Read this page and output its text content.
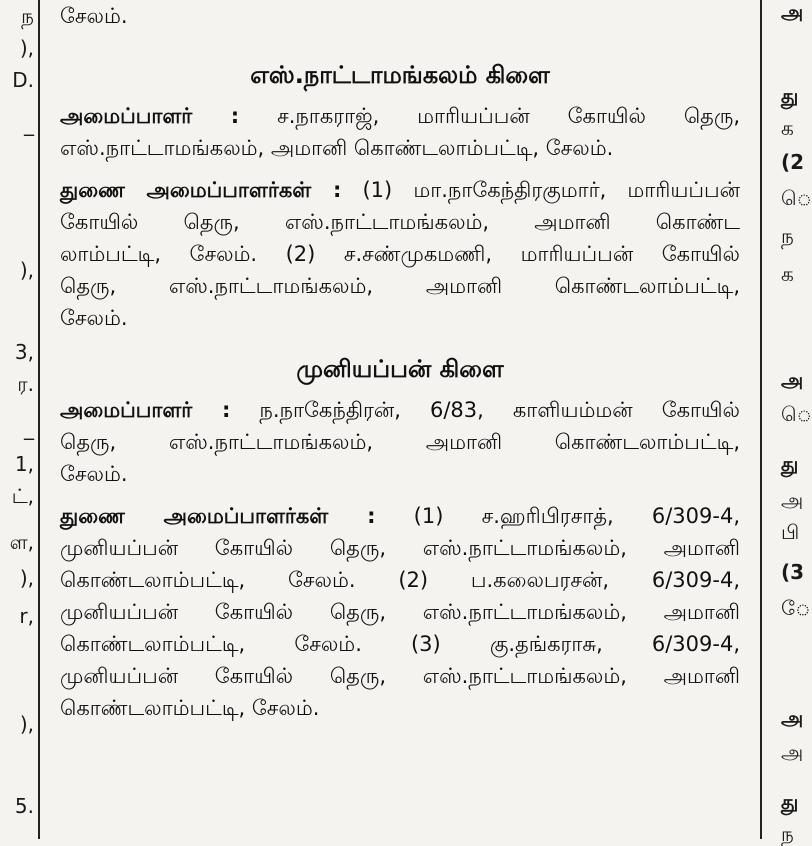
ந
),
D.
_
),
3,
ர.
_
1,
ட்,
ள,
),
r,
),
5.
அ
து
க
(2
ெ
ந
க
அ
ெ
து
அ
பி
(3
ே
அ
அ
து
ந
சேலம்.
எஸ்.நாட்டாமங்கலம் கிளை
அமைப்பாளர் : ச.நாகராஜ், மாரியப்பன் கோயில் தெரு,
எஸ்.நாட்டாமங்கலம், அமானி கொண்டலாம்பட்டி, சேலம்.
துணை அமைப்பாளர்கள் : (1) மா.நாகேந்திரகுமார், மாரியப்பன்
கோயில் தெரு, எஸ்.நாட்டாமங்கலம், அமானி கொண்ட
லாம்பட்டி, சேலம். (2) ச.சண்முகமணி, மாரியப்பன் கோயில்
தெரு, எஸ்.நாட்டாமங்கலம், அமானி கொண்டலாம்பட்டி,
சேலம்.
முனியப்பன் கிளை
அமைப்பாளர் : ந.நாகேந்திரன், 6/83, காளியம்மன் கோயில்
தெரு, எஸ்.நாட்டாமங்கலம், அமானி கொண்டலாம்பட்டி,
சேலம்.
துணை அமைப்பாளர்கள் : (1) ச.ஹரிபிரசாத், 6/309-4,
முனியப்பன் கோயில் தெரு, எஸ்.நாட்டாமங்கலம், அமானி
கொண்டலாம்பட்டி, சேலம். (2) ப.கலைபரசன், 6/309-4,
முனியப்பன் கோயில் தெரு, எஸ்.நாட்டாமங்கலம், அமானி
கொண்டலாம்பட்டி, சேலம். (3) கு.தங்கராசு, 6/309-4,
முனியப்பன் கோயில் தெரு, எஸ்.நாட்டாமங்கலம், அமானி
கொண்டலாம்பட்டி, சேலம்.
